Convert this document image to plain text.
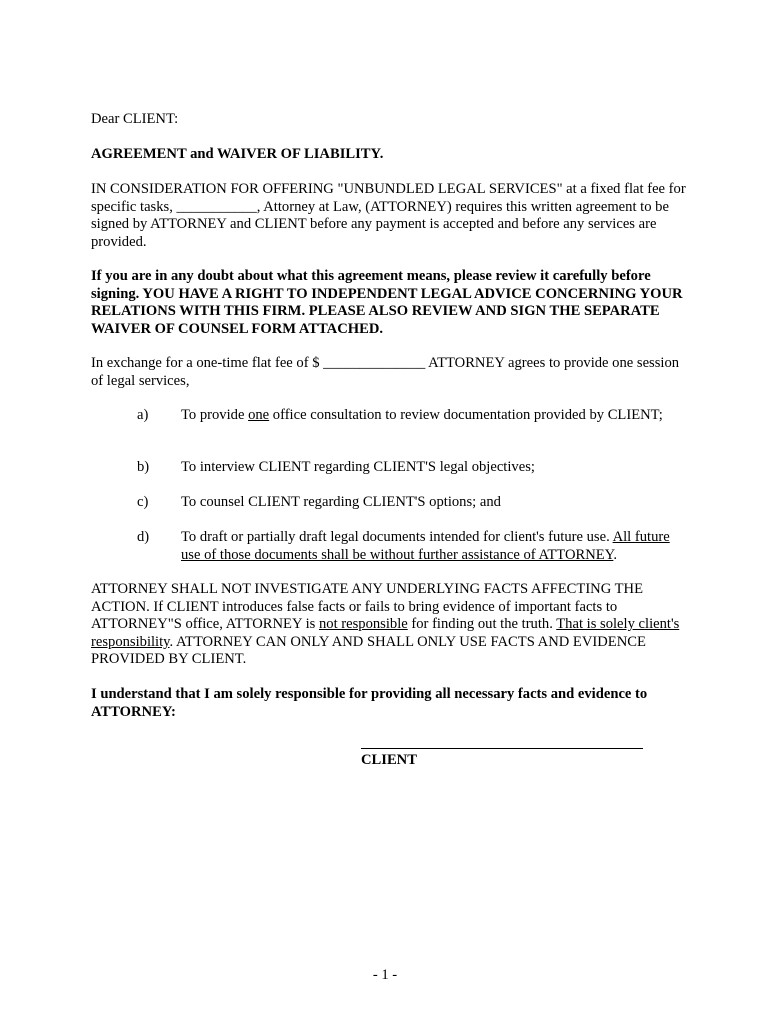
Dear CLIENT:

AGREEMENT and WAIVER OF LIABILITY.

IN CONSIDERATION FOR OFFERING "UNBUNDLED LEGAL SERVICES" at a fixed flat fee for specific tasks, ___________, Attorney at Law, (ATTORNEY) requires this written agreement to be signed by ATTORNEY and CLIENT before any payment is accepted and before any services are provided.

If you are in any doubt about what this agreement means, please review it carefully before signing. YOU HAVE A RIGHT TO INDEPENDENT LEGAL ADVICE CONCERNING YOUR RELATIONS WITH THIS FIRM. PLEASE ALSO REVIEW AND SIGN THE SEPARATE WAIVER OF COUNSEL FORM ATTACHED.

In exchange for a one-time flat fee of $ ______________ ATTORNEY agrees to provide one session of legal services,

a)	To provide one office consultation to review documentation provided by CLIENT;

b)	To interview CLIENT regarding CLIENT'S legal objectives;

c)	To counsel CLIENT regarding CLIENT'S options; and

d)	To draft or partially draft legal documents intended for client's future use. All future use of those documents shall be without further assistance of ATTORNEY.

ATTORNEY SHALL NOT INVESTIGATE ANY UNDERLYING FACTS AFFECTING THE ACTION. If CLIENT introduces false facts or fails to bring evidence of important facts to ATTORNEY"S office, ATTORNEY is not responsible for finding out the truth. That is solely client's responsibility. ATTORNEY CAN ONLY AND SHALL ONLY USE FACTS AND EVIDENCE PROVIDED BY CLIENT.

I understand that I am solely responsible for providing all necessary facts and evidence to ATTORNEY:

CLIENT
- 1 -
